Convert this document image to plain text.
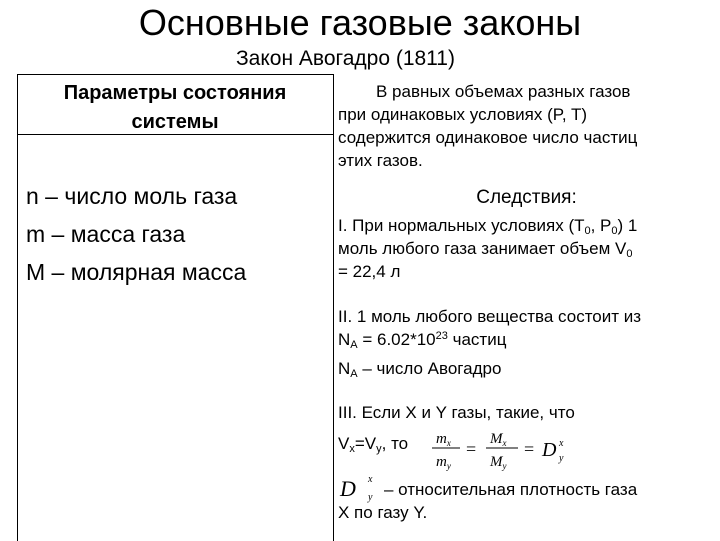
Основные газовые законы
Закон Авогадро (1811)
Параметры состояния
системы
n – число моль газа
m – масса газа
M – молярная масса
В равных объемах разных газов
при одинаковых условиях (P, T)
содержится одинаковое число частиц
этих газов.
Следствия:
I. При нормальных условиях ($T_0$, $P_0$) 1
моль любого газа занимает объем $V_0$
= 22,4 л
II. 1 моль любого вещества состоит из
$N_A = 6.02*10^{23}$ частиц
$N_A$ – число Авогадро
III. Если X и Y газы, такие, что
$V_x=V_y$, то	$m_x$
$m_y$
= $M_x$
$M_y$
= D x
y
D x
y – относительная плотность газа
X по газу Y.
